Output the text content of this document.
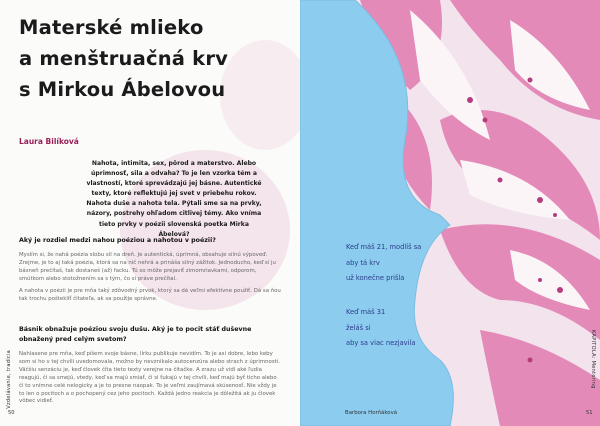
Materské mlieko
a menštruačná krv
s Mirkou Ábelovou
Laura Bilíková
Nahota, intimita, sex, pôrod a materstvo. Alebo úprimnosť, sila a odvaha? To je len vzorka tém a vlastností, ktoré sprevádzajú jej básne. Autentické texty, ktoré reflektujú jej svet v priebehu rokov. Nahota duše a nahota tela. Pýtali sme sa na prvky, názory, postrehy ohľadom citlivej témy. Ako vníma tieto prvky v poézii slovenská poetka Mirka Ábelová?
Aký je rozdiel medzi nahou poéziou a nahotou v poézii?
Myslím si, že nahá poézia slobu síl na dreň. Je autentická, úprimná, obsahuje silnú výpoveď. Zrejme, je to aj taká poézia, ktorá sa na nič nehrá a prináša silný zážitok. Jednoducho, keď si ju básneň prečítaš, tak dostaneš (až) facku. Tú so môže prejaviť zimomriavkami, odporom, smútkom alebo stotožnením sa s tým, čo si práve prečítal.
A nahota v poézii je pre mňa taký zdôvodný prvok, ktorý sa dá veľmi efektívne použiť. Dá sa ňou tak trochu pošteklíť čitateľa, ak sa použije správne.
Básnik obnažuje poéziou svoju dušu. Aký je to pocit stáť duševne obnažený pred celým svetom?
Nahlasene pre mňa, keď píšem svoje básne, lírku publikuje nevidím. To je asi dobre, lebo keby som si ho v tej chvíli uvedomovala, možno by nevznikalo autocenzúra alebo strach z úprimnosti. Väčšiu senzáciu je, keď človek číta tieto texty verejne na čítačke. A zrazu už vidí aké ľudia reagujú, či sa smejú, vtedy, keď sa majú smiať, či si ťukajú v tej chvíli, keď majú byť ticho alebo či to vnímne celé nelogicky a je to presne naopak. To je veľmi zaujímavá skúsenosť. Nie vždy je to len o pocitoch a o pochopený cez jeho pocitoch. Každá jedno reakcia je dôležitá ak ju človek vôbec vidieť.
Vzdelávanie, tradícia
50
Keď máš 21, modlíš sa
aby tá krv
už konečne prišla
Keď máš 31
želáš si
aby sa viac nezjavila
Barbora Horňáková
KAPITOLA: Mentoring
51
